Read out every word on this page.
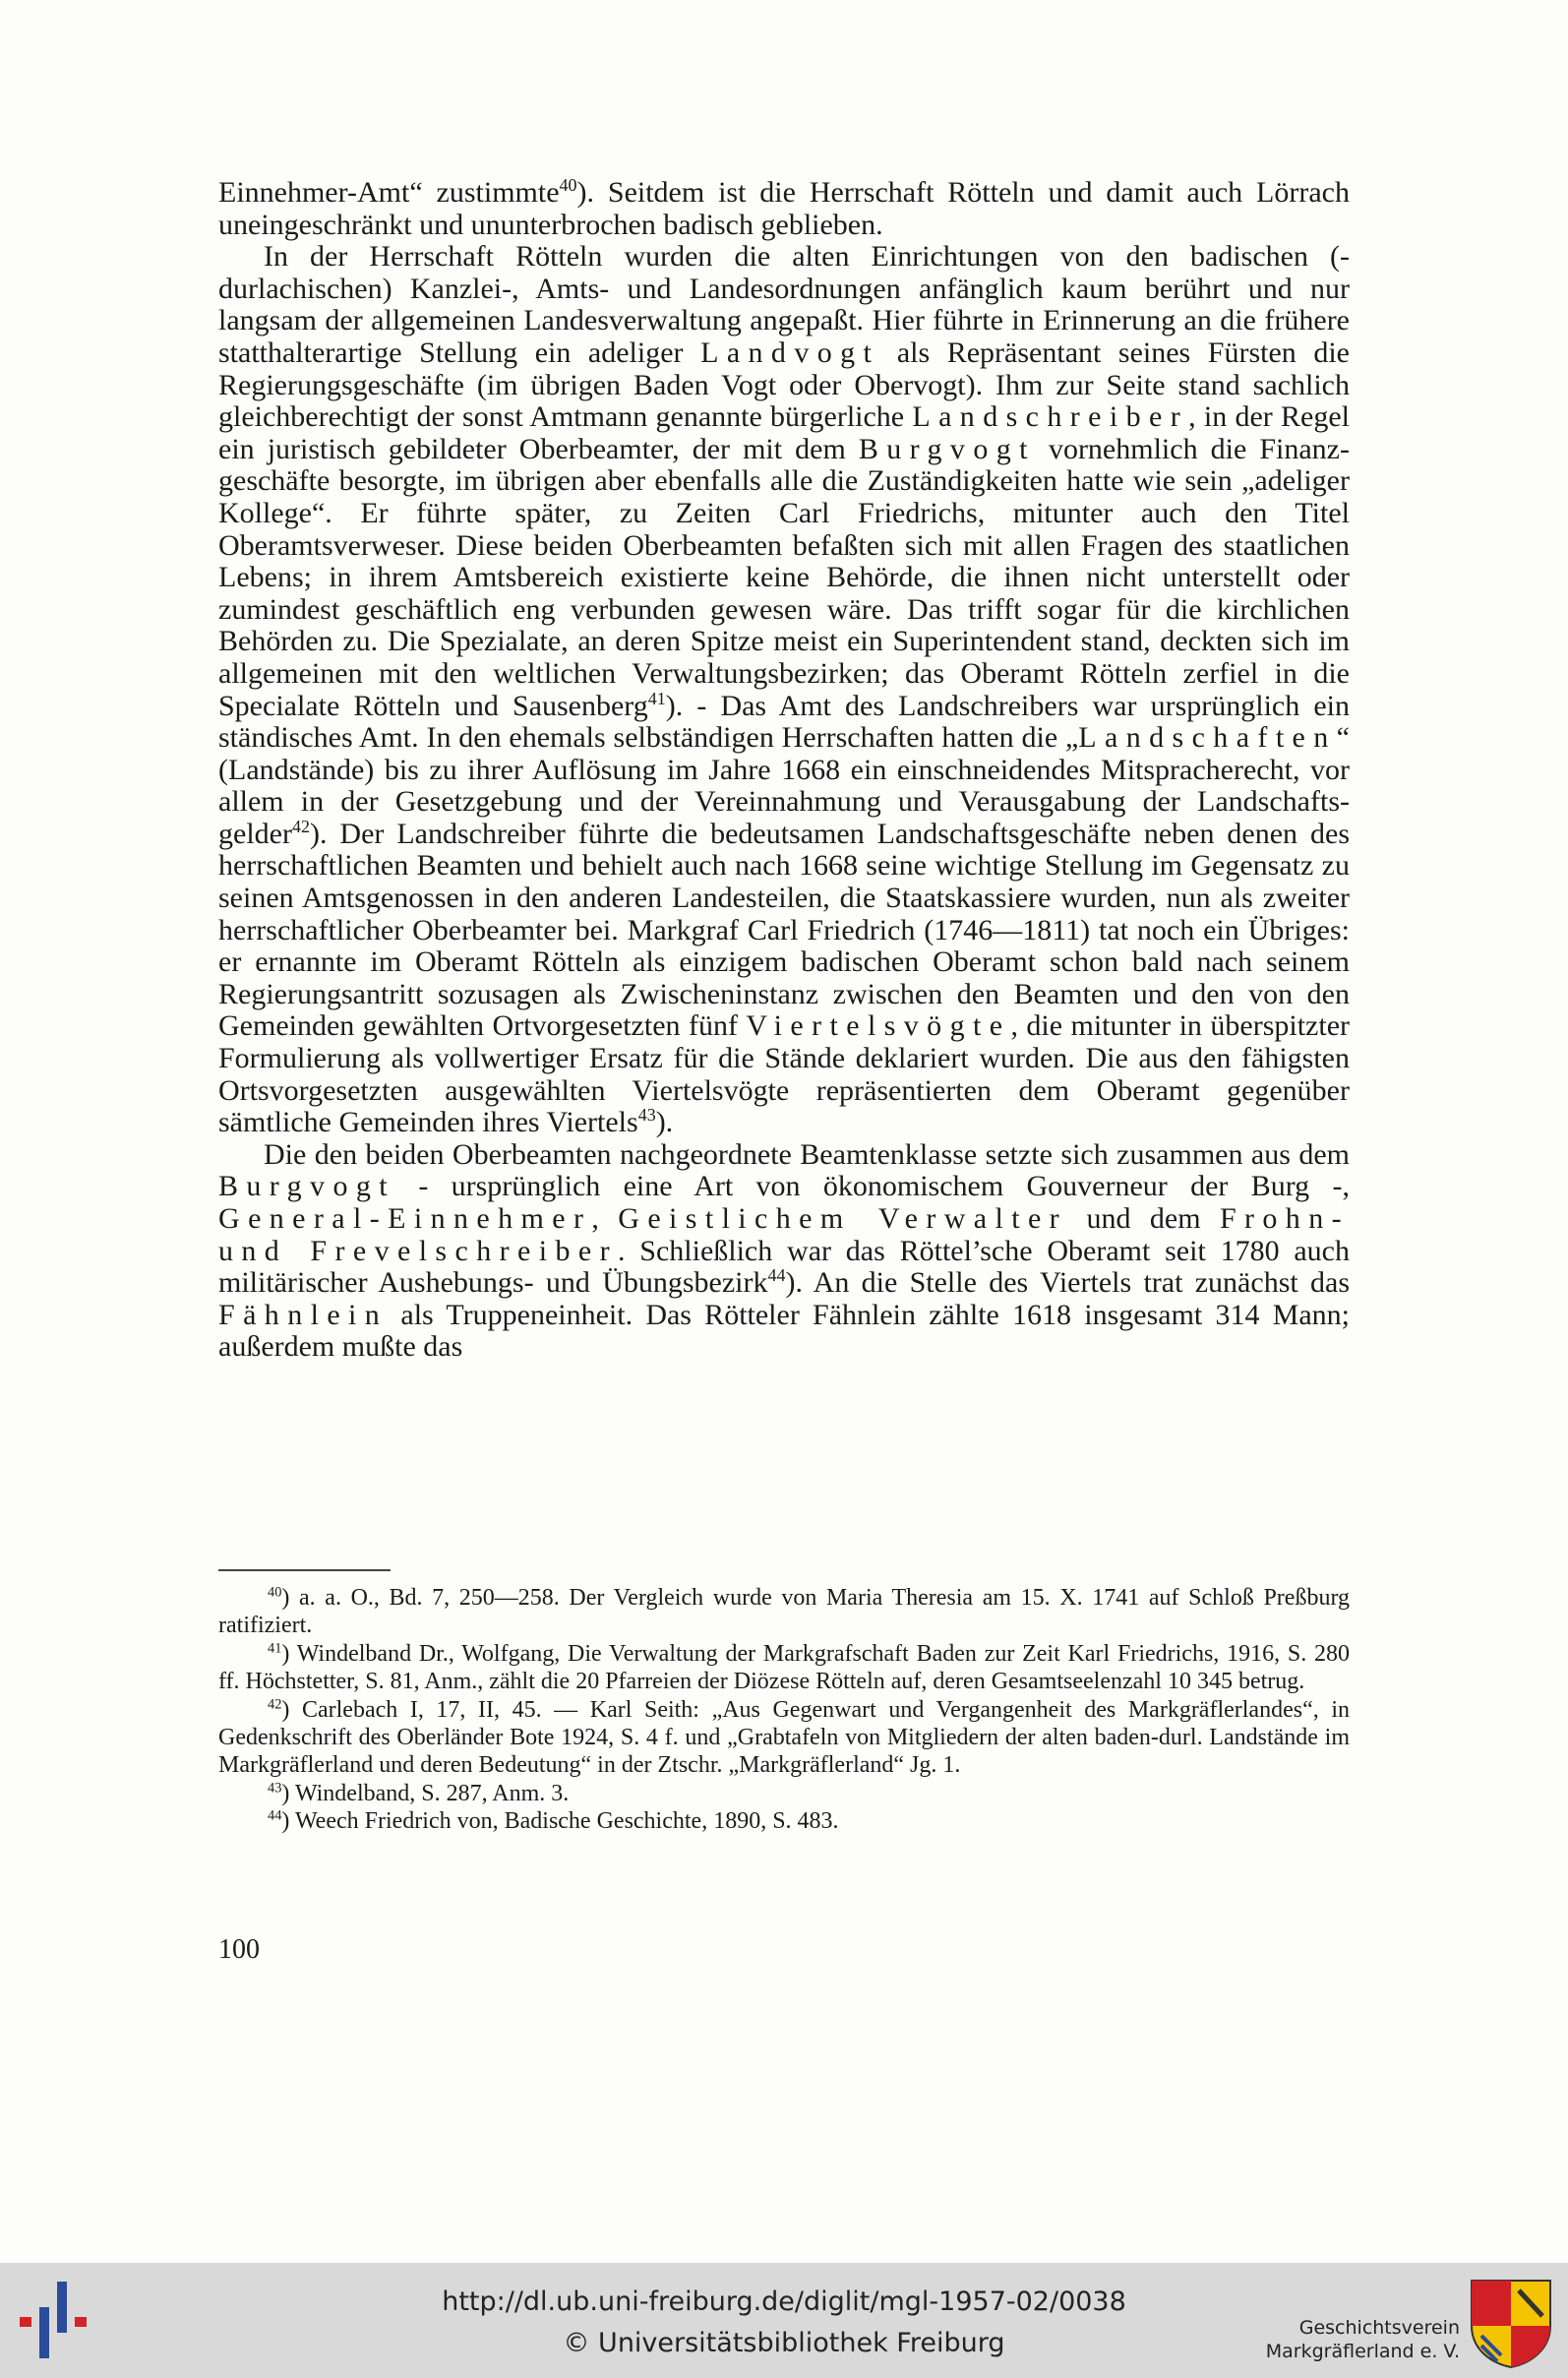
Einnehmer-Amt“ zustimmte$^{40}$). Seitdem ist die Herrschaft Rötteln und damit auch Lörrach uneingeschränkt und ununterbrochen badisch geblieben.

In der Herrschaft Rötteln wurden die alten Einrichtungen von den badischen (-durlachischen) Kanzlei-, Amts- und Landesordnungen anfänglich kaum berührt und nur langsam der allgemeinen Landesverwaltung angepaßt. Hier führte in Erinnerung an die frühere statthalterartige Stellung ein adeliger Landvogt als Repräsentant seines Fürsten die Regierungsgeschäfte (im übrigen Baden Vogt oder Obervogt). Ihm zur Seite stand sachlich gleichberechtigt der sonst Amtmann genannte bürgerliche Landschreiber, in der Regel ein juristisch gebildeter Oberbeamter, der mit dem Burgvogt vornehmlich die Finanzgeschäfte besorgte, im übrigen aber ebenfalls alle die Zuständigkeiten hatte wie sein „adeliger Kollege“. Er führte später, zu Zeiten Carl Friedrichs, mitunter auch den Titel Oberamtsverweser. Diese beiden Oberbeamten befaßten sich mit allen Fragen des staatlichen Lebens; in ihrem Amtsbereich existierte keine Behörde, die ihnen nicht unterstellt oder zumindest geschäftlich eng verbunden gewesen wäre. Das trifft sogar für die kirchlichen Behörden zu. Die Spezialate, an deren Spitze meist ein Superintendent stand, deckten sich im allgemeinen mit den weltlichen Verwaltungsbezirken; das Oberamt Rötteln zerfiel in die Specialate Rötteln und Sausenberg$^{41}$). - Das Amt des Landschreibers war ursprünglich ein ständisches Amt. In den ehemals selbständigen Herrschaften hatten die „Landschaften“ (Landstände) bis zu ihrer Auflösung im Jahre 1668 ein einschneidendes Mitspracherecht, vor allem in der Gesetzgebung und der Vereinnahmung und Verausgabung der Landschaftsgelder$^{42}$). Der Landschreiber führte die bedeutsamen Landschaftsgeschäfte neben denen des herrschaftlichen Beamten und behielt auch nach 1668 seine wichtige Stellung im Gegensatz zu seinen Amtsgenossen in den anderen Landesteilen, die Staatskassiere wurden, nun als zweiter herrschaftlicher Oberbeamter bei. Markgraf Carl Friedrich (1746—1811) tat noch ein Übriges: er ernannte im Oberamt Rötteln als einzigem badischen Oberamt schon bald nach seinem Regierungsantritt sozusagen als Zwischeninstanz zwischen den Beamten und den von den Gemeinden gewählten Ortvorgesetzten fünf Viertelsvögte, die mitunter in überspitzter Formulierung als vollwertiger Ersatz für die Stände deklariert wurden. Die aus den fähigsten Ortsvorgesetzten ausgewählten Viertelsvögte repräsentierten dem Oberamt gegenüber sämtliche Gemeinden ihres Viertels$^{43}$).

Die den beiden Oberbeamten nachgeordnete Beamtenklasse setzte sich zusammen aus dem Burgvogt - ursprünglich eine Art von ökonomischem Gouverneur der Burg -, General-Einnehmer, Geistlichem Verwalter und dem Frohn- und Frevelschreiber. Schließlich war das Röttel’sche Oberamt seit 1780 auch militärischer Aushebungs- und Übungsbezirk$^{44}$). An die Stelle des Viertels trat zunächst das Fähnlein als Truppeneinheit. Das Rötteler Fähnlein zählte 1618 insgesamt 314 Mann; außerdem mußte das

$^{40}$) a. a. O., Bd. 7, 250—258. Der Vergleich wurde von Maria Theresia am 15. X. 1741 auf Schloß Preßburg ratifiziert.

$^{41}$) Windelband Dr., Wolfgang, Die Verwaltung der Markgrafschaft Baden zur Zeit Karl Friedrichs, 1916, S. 280 ff. Höchstetter, S. 81, Anm., zählt die 20 Pfarreien der Diözese Rötteln auf, deren Gesamtseelenzahl 10 345 betrug.

$^{42}$) Carlebach I, 17, II, 45. — Karl Seith: „Aus Gegenwart und Vergangenheit des Markgräflerlandes“, in Gedenkschrift des Oberländer Bote 1924, S. 4 f. und „Grabtafeln von Mitgliedern der alten baden-durl. Landstände im Markgräflerland und deren Bedeutung“ in der Ztschr. „Markgräflerland“ Jg. 1.

$^{43}$) Windelband, S. 287, Anm. 3.

$^{44}$) Weech Friedrich von, Badische Geschichte, 1890, S. 483.

100
http://dl.ub.uni-freiburg.de/diglit/mgl-1957-02/0038
© Universitätsbibliothek Freiburg	Geschichtsverein
Markgräflerland e. V.
